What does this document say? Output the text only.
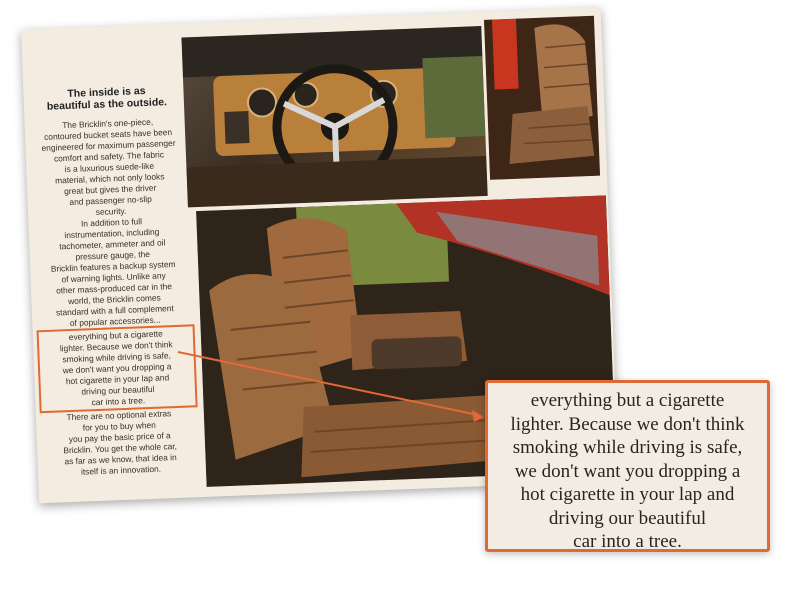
The inside is as
beautiful as the outside.
The Bricklin's one-piece,
contoured bucket seats have been
engineered for maximum passenger
comfort and safety. The fabric
is a luxurious suede-like
material, which not only looks
great but gives the driver
and passenger no-slip
security.
In addition to full
instrumentation, including
tachometer, ammeter and oil
pressure gauge, the
Bricklin features a backup system
of warning lights. Unlike any
other mass-produced car in the
world, the Bricklin comes
standard with a full complement
of popular accessories...
everything but a cigarette
lighter. Because we don't think
smoking while driving is safe,
we don't want you dropping a
hot cigarette in your lap and
driving our beautiful
car into a tree.
There are no optional extras
for you to buy when
you pay the basic price of a
Bricklin. You get the whole car,
as far as we know, that idea in
itself is an innovation.
everything but a cigarette
lighter. Because we don't think
smoking while driving is safe,
we don't want you dropping a
hot cigarette in your lap and
driving our beautiful
car into a tree.
